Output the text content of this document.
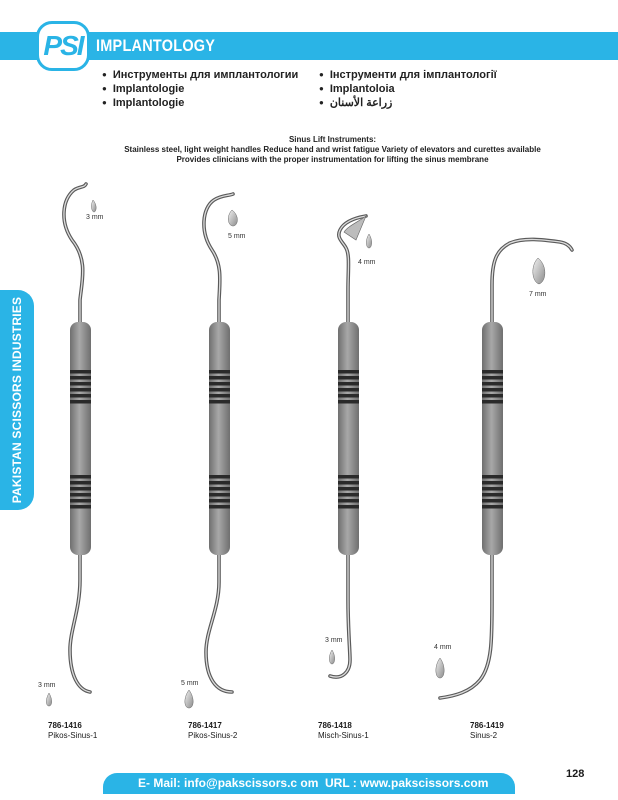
PSI IMPLANTOLOGY
● Инструменты для имплантологии
● Implantologie
● Implantologie
● Інструменти для імплантології
● Implantoloia
● زراعة الأسنان
Sinus Lift Instruments:
Stainless steel, light weight handles Reduce hand and wrist fatigue Variety of elevators and curettes available
Provides clinicians with the proper instrumentation for lifting the sinus membrane
PAKISTAN SCISSORS INDUSTRIES
3 mm
3 mm
5 mm
5 mm
4 mm
3 mm
7 mm
4 mm
786-1416
Pikos-Sinus-1
786-1417
Pikos-Sinus-2
786-1418
Misch-Sinus-1
786-1419
Sinus-2
E- Mail: info@pakscissors.c om URL : www.pakscissors.com
128
